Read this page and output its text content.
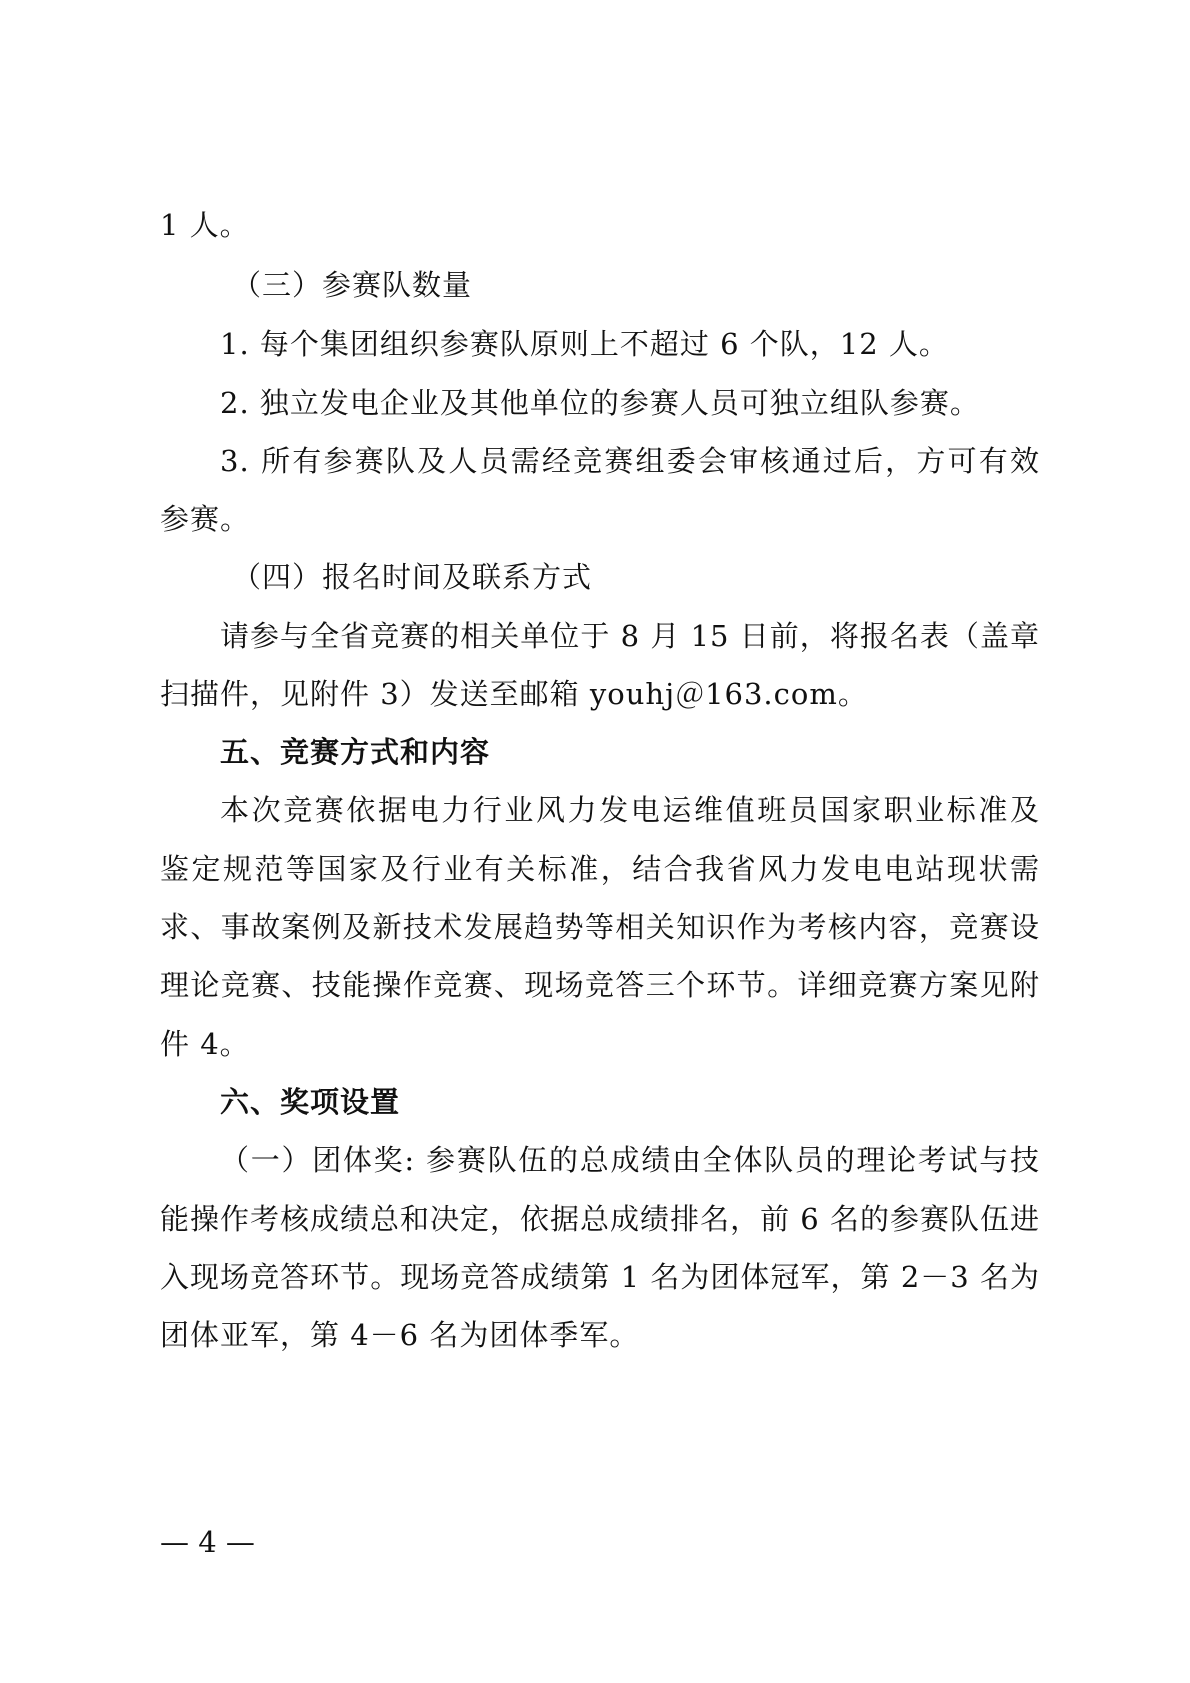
1 人。
（三）参赛队数量
1. 每个集团组织参赛队原则上不超过 6 个队，12 人。
2. 独立发电企业及其他单位的参赛人员可独立组队参赛。
3. 所有参赛队及人员需经竞赛组委会审核通过后，方可有效
参赛。
（四）报名时间及联系方式
请参与全省竞赛的相关单位于 8 月 15 日前，将报名表（盖章
扫描件，见附件 3）发送至邮箱 youhj＠163.com。
五、竞赛方式和内容
本次竞赛依据电力行业风力发电运维值班员国家职业标准及
鉴定规范等国家及行业有关标准，结合我省风力发电电站现状需
求、事故案例及新技术发展趋势等相关知识作为考核内容，竞赛设
理论竞赛、技能操作竞赛、现场竞答三个环节。详细竞赛方案见附
件 4。
六、奖项设置
（一）团体奖: 参赛队伍的总成绩由全体队员的理论考试与技
能操作考核成绩总和决定，依据总成绩排名，前 6 名的参赛队伍进
入现场竞答环节。现场竞答成绩第 1 名为团体冠军，第 2－3 名为
团体亚军，第 4－6 名为团体季军。
— 4 —
